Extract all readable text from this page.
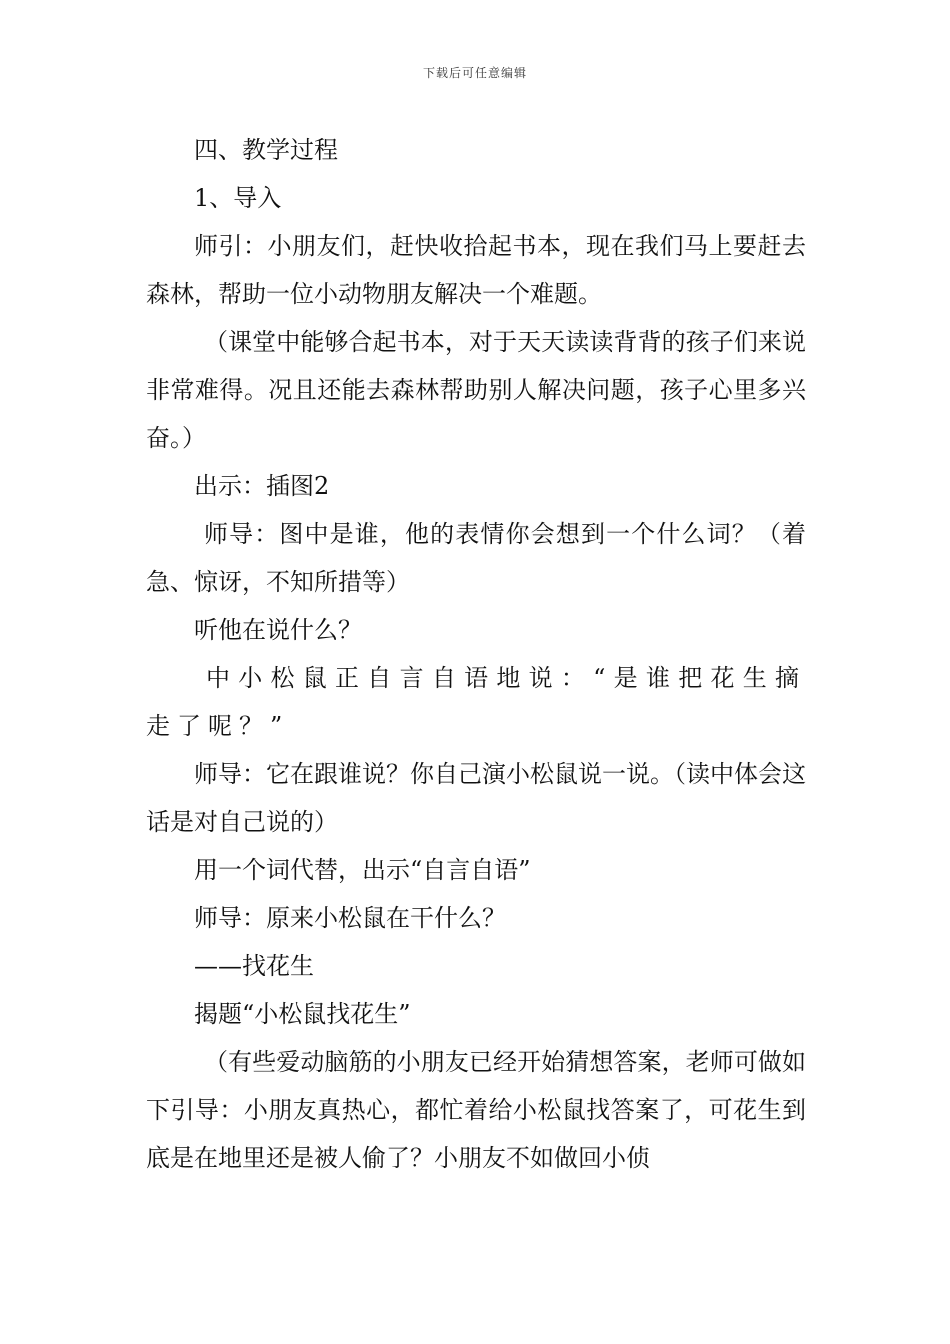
下载后可任意编辑

四、教学过程

1、导入

师引：小朋友们，赶快收拾起书本，现在我们马上要赶去森林，帮助一位小动物朋友解决一个难题。

（课堂中能够合起书本，对于天天读读背背的孩子们来说非常难得。况且还能去森林帮助别人解决问题，孩子心里多兴奋。）

出示：插图2

师导：图中是谁，他的表情你会想到一个什么词？（着急、惊讶，不知所措等）

听他在说什么？

中小松鼠正自言自语地说：“是谁把花生摘走了呢？”

师导：它在跟谁说？你自己演小松鼠说一说。（读中体会这话是对自己说的）

用一个词代替，出示“自言自语”

师导：原来小松鼠在干什么？

——找花生

揭题“小松鼠找花生”

（有些爱动脑筋的小朋友已经开始猜想答案，老师可做如下引导：小朋友真热心，都忙着给小松鼠找答案了，可花生到底是在地里还是被人偷了？小朋友不如做回小侦
